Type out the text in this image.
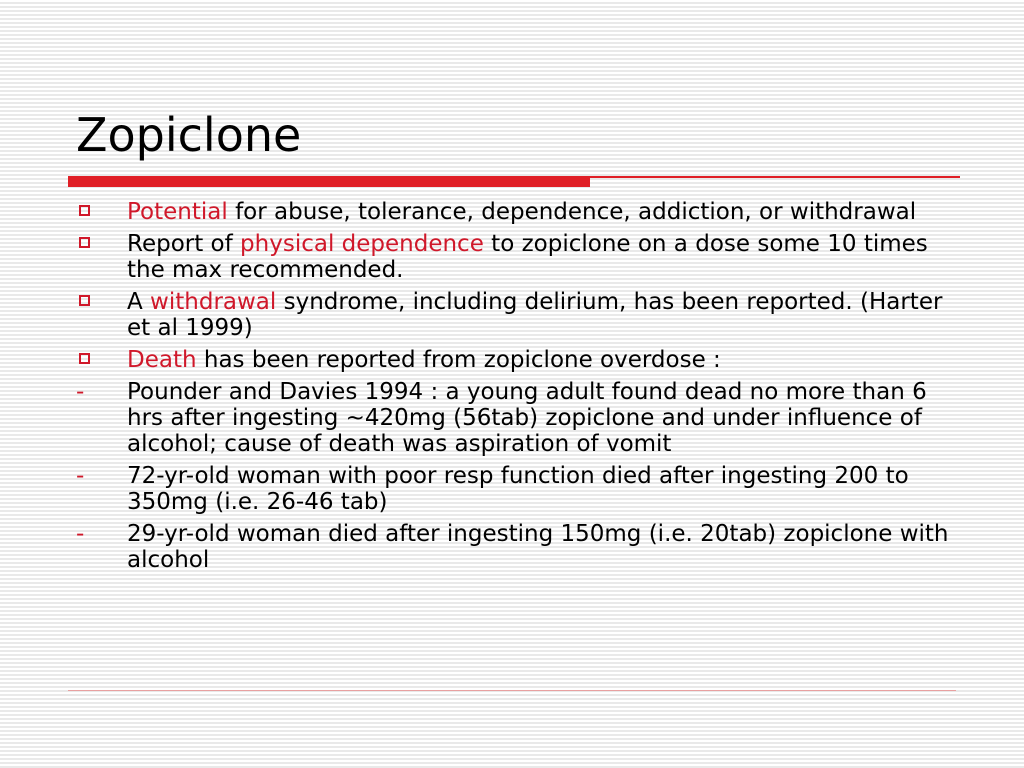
Zopiclone
Potential for abuse, tolerance, dependence, addiction, or withdrawal
Report of physical dependence to zopiclone on a dose some 10 times the max recommended.
A withdrawal syndrome, including delirium, has been reported. (Harter et al 1999)
Death has been reported from zopiclone overdose :
- Pounder and Davies 1994 : a young adult found dead no more than 6 hrs after ingesting ~420mg (56tab) zopiclone and under influence of alcohol; cause of death was aspiration of vomit
- 72-yr-old woman with poor resp function died after ingesting 200 to 350mg (i.e. 26-46 tab)
- 29-yr-old woman died after ingesting 150mg (i.e. 20tab) zopiclone with alcohol
